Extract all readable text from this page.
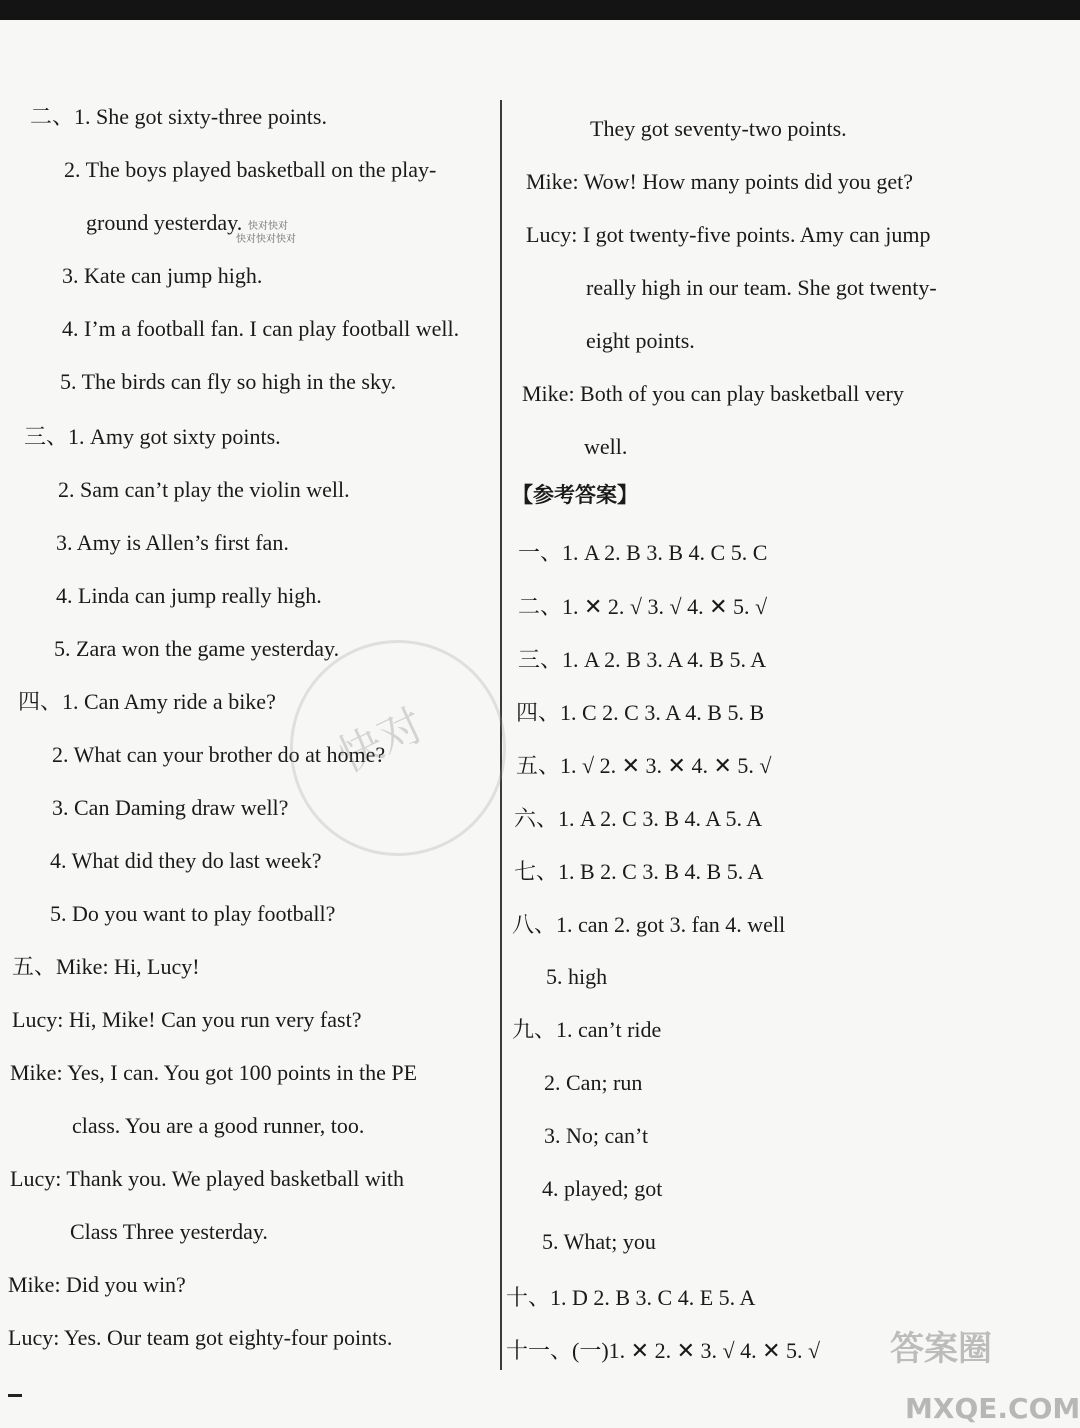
二、1. She got sixty-three points.
2. The boys played basketball on the play-
ground yesterday.
3. Kate can jump high.
4. I’m a football fan. I can play football well.
5. The birds can fly so high in the sky.
三、1. Amy got sixty points.
2. Sam can’t play the violin well.
3. Amy is Allen’s first fan.
4. Linda can jump really high.
5. Zara won the game yesterday.
四、1. Can Amy ride a bike?
2. What can your brother do at home?
3. Can Daming draw well?
4. What did they do last week?
5. Do you want to play football?
五、Mike: Hi, Lucy!
Lucy: Hi, Mike! Can you run very fast?
Mike: Yes, I can. You got 100 points in the PE
class. You are a good runner, too.
Lucy: Thank you. We played basketball with
Class Three yesterday.
Mike: Did you win?
Lucy: Yes. Our team got eighty-four points.
They got seventy-two points.
Mike: Wow! How many points did you get?
Lucy: I got twenty-five points. Amy can jump
really high in our team. She got twenty-
eight points.
Mike: Both of you can play basketball very
well.
【参考答案】
一、1. A 2. B 3. B 4. C 5. C
二、1. ✕ 2. √ 3. √ 4. ✕ 5. √
三、1. A 2. B 3. A 4. B 5. A
四、1. C 2. C 3. A 4. B 5. B
五、1. √ 2. ✕ 3. ✕ 4. ✕ 5. √
六、1. A 2. C 3. B 4. A 5. A
七、1. B 2. C 3. B 4. B 5. A
八、1. can 2. got 3. fan 4. well
5. high
九、1. can’t ride
2. Can; run
3. No; can’t
4. played; got
5. What; you
十、1. D 2. B 3. C 4. E 5. A
十一、(一)1. ✕ 2. ✕ 3. √ 4. ✕ 5. √
快对
快对快对
快对快对快对
答案圈
MXQE.COM
